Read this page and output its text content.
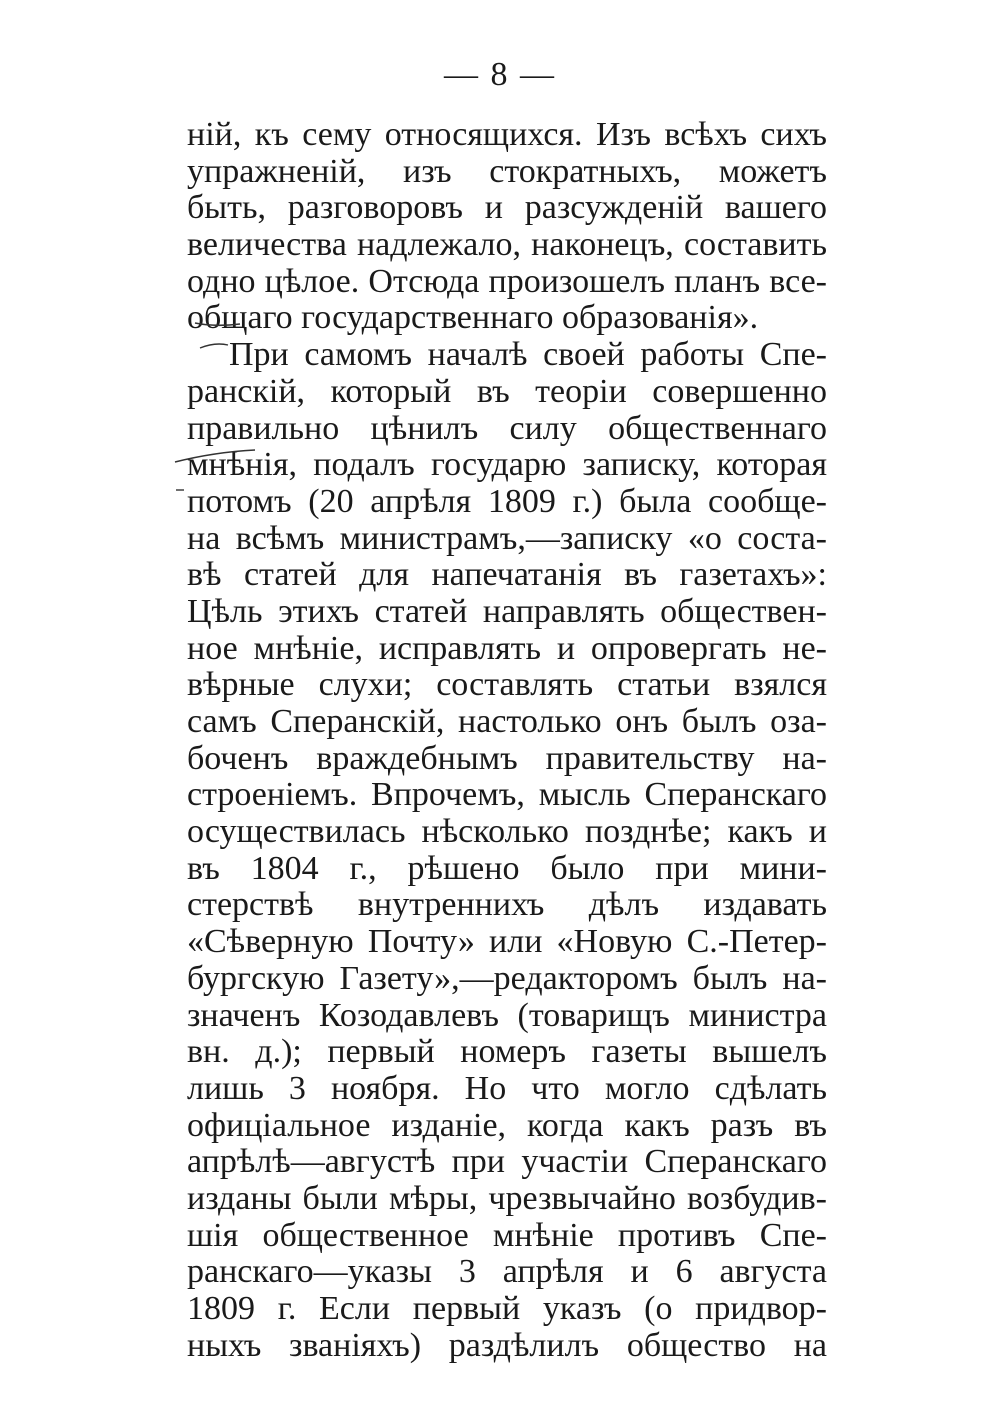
— 8 —
ній, къ сему относящихся. Изъ всѣхъ сихъ
упражненій, изъ стократныхъ, можетъ
быть, разговоровъ и разсужденій вашего
величества надлежало, наконецъ, составить
одно цѣлое. Отсюда произошелъ планъ все-
общаго государственнаго образованія».
При самомъ началѣ своей работы Спе-
ранскій, который въ теоріи совершенно
правильно цѣнилъ силу общественнаго
мнѣнія, подалъ государю записку, которая
потомъ (20 апрѣля 1809 г.) была сообще-
на всѣмъ министрамъ,—записку «о соста-
вѣ статей для напечатанія въ газетахъ»:
Цѣль этихъ статей направлять обществен-
ное мнѣніе, исправлять и опровергать не-
вѣрные слухи; составлять статьи взялся
самъ Сперанскій, настолько онъ былъ оза-
боченъ враждебнымъ правительству на-
строеніемъ. Впрочемъ, мысль Сперанскаго
осуществилась нѣсколько позднѣе; какъ и
въ 1804 г., рѣшено было при мини-
стерствѣ внутреннихъ дѣлъ издавать
«Сѣверную Почту» или «Новую С.-Петер-
бургскую Газету»,—редакторомъ былъ на-
значенъ Козодавлевъ (товарищъ министра
вн. д.); первый номеръ газеты вышелъ
лишь 3 ноября. Но что могло сдѣлать
офиціальное изданіе, когда какъ разъ въ
апрѣлѣ—августѣ при участіи Сперанскаго
изданы были мѣры, чрезвычайно возбудив-
шія общественное мнѣніе противъ Спе-
ранскаго—указы 3 апрѣля и 6 августа
1809 г. Если первый указъ (о придвор-
ныхъ званіяхъ) раздѣлилъ общество на
